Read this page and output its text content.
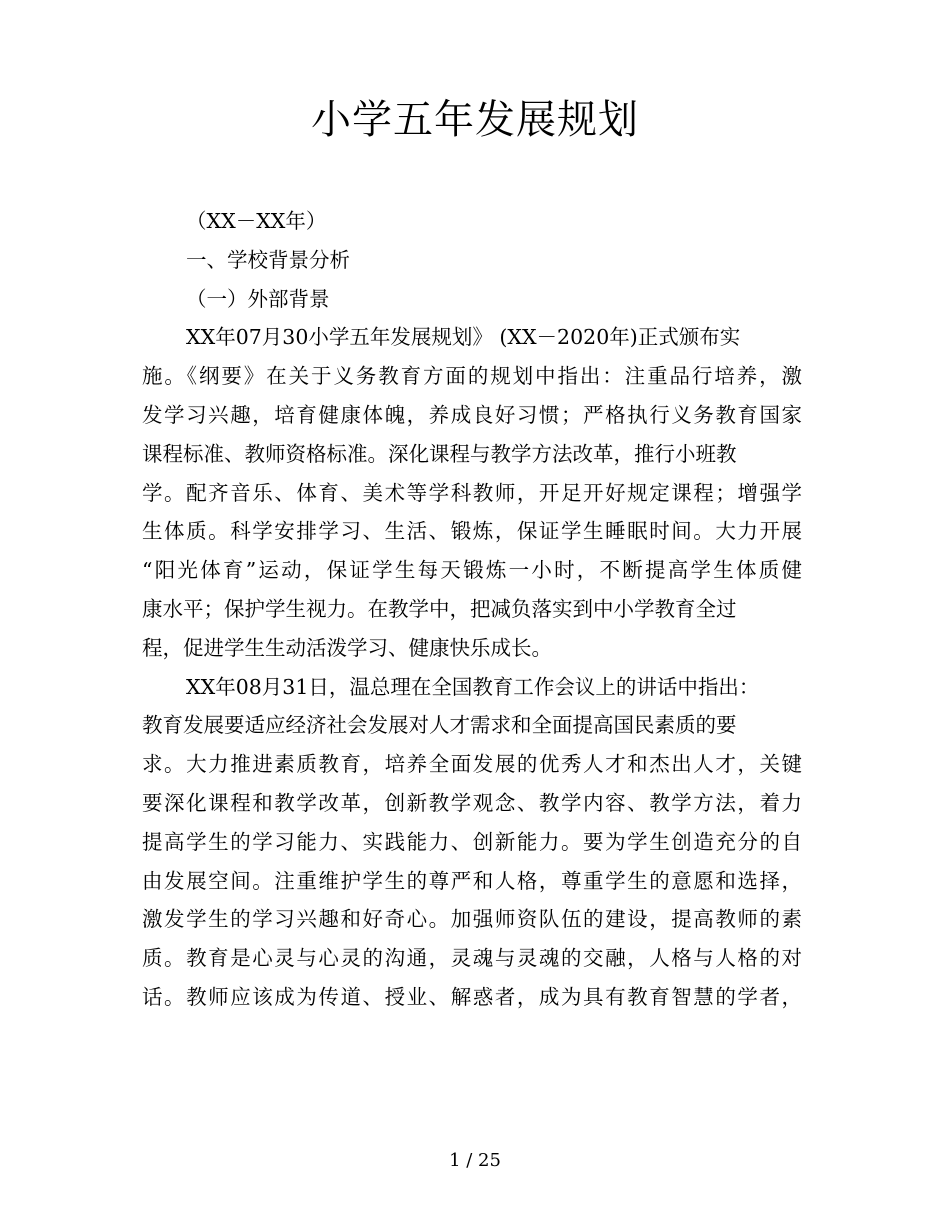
小学五年发展规划
（XX－XX年）
一、学校背景分析
（一）外部背景
XX年07月30小学五年发展规划》 (XX－2020年)正式颁布实
施。《纲要》在关于义务教育方面的规划中指出：注重品行培养，激
发学习兴趣，培育健康体魄，养成良好习惯；严格执行义务教育国家
课程标准、教师资格标准。深化课程与教学方法改革，推行小班教
学。配齐音乐、体育、美术等学科教师，开足开好规定课程；增强学
生体质。科学安排学习、生活、锻炼，保证学生睡眠时间。大力开展
“阳光体育”运动，保证学生每天锻炼一小时，不断提高学生体质健
康水平；保护学生视力。在教学中，把减负落实到中小学教育全过
程，促进学生生动活泼学习、健康快乐成长。
XX年08月31日，温总理在全国教育工作会议上的讲话中指出：
教育发展要适应经济社会发展对人才需求和全面提高国民素质的要
求。大力推进素质教育，培养全面发展的优秀人才和杰出人才，关键
要深化课程和教学改革，创新教学观念、教学内容、教学方法，着力
提高学生的学习能力、实践能力、创新能力。要为学生创造充分的自
由发展空间。注重维护学生的尊严和人格，尊重学生的意愿和选择，
激发学生的学习兴趣和好奇心。加强师资队伍的建设，提高教师的素
质。教育是心灵与心灵的沟通，灵魂与灵魂的交融，人格与人格的对
话。教师应该成为传道、授业、解惑者，成为具有教育智慧的学者，
1 / 25
